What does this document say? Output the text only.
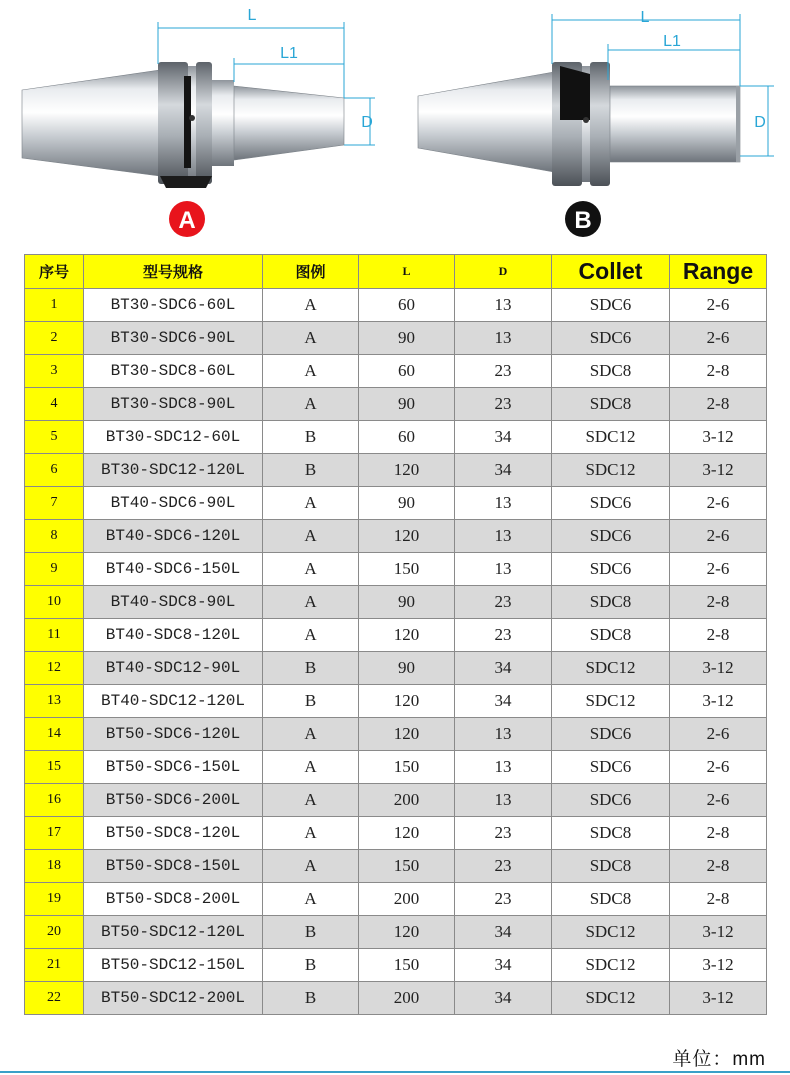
L
L1
D
A
L
L1
D
B
序号	型号规格	图例	L	D	Collet	Range
1	BT30-SDC6-60L	A	60	13	SDC6	2-6
2	BT30-SDC6-90L	A	90	13	SDC6	2-6
3	BT30-SDC8-60L	A	60	23	SDC8	2-8
4	BT30-SDC8-90L	A	90	23	SDC8	2-8
5	BT30-SDC12-60L	B	60	34	SDC12	3-12
6	BT30-SDC12-120L	B	120	34	SDC12	3-12
7	BT40-SDC6-90L	A	90	13	SDC6	2-6
8	BT40-SDC6-120L	A	120	13	SDC6	2-6
9	BT40-SDC6-150L	A	150	13	SDC6	2-6
10	BT40-SDC8-90L	A	90	23	SDC8	2-8
11	BT40-SDC8-120L	A	120	23	SDC8	2-8
12	BT40-SDC12-90L	B	90	34	SDC12	3-12
13	BT40-SDC12-120L	B	120	34	SDC12	3-12
14	BT50-SDC6-120L	A	120	13	SDC6	2-6
15	BT50-SDC6-150L	A	150	13	SDC6	2-6
16	BT50-SDC6-200L	A	200	13	SDC6	2-6
17	BT50-SDC8-120L	A	120	23	SDC8	2-8
18	BT50-SDC8-150L	A	150	23	SDC8	2-8
19	BT50-SDC8-200L	A	200	23	SDC8	2-8
20	BT50-SDC12-120L	B	120	34	SDC12	3-12
21	BT50-SDC12-150L	B	150	34	SDC12	3-12
22	BT50-SDC12-200L	B	200	34	SDC12	3-12
单位：mm
